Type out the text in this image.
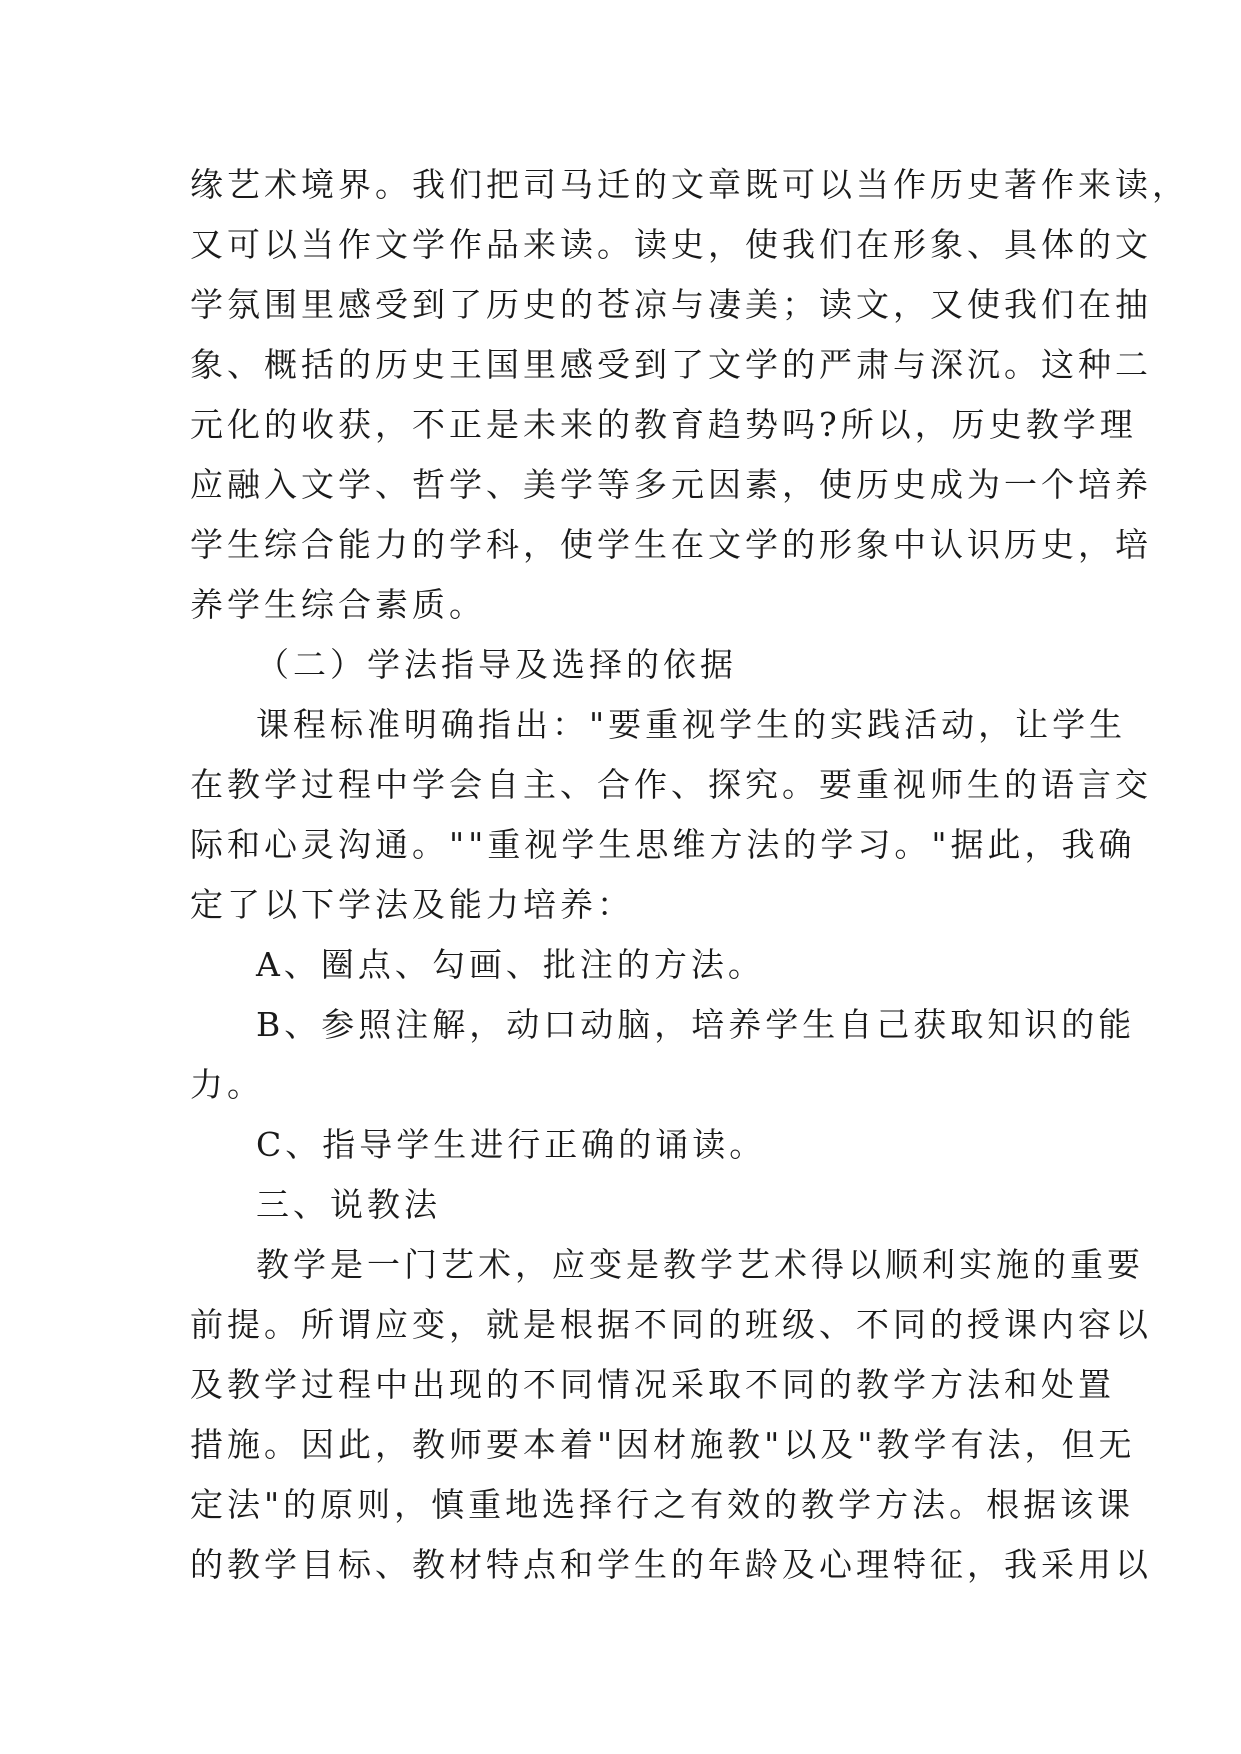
缘艺术境界。我们把司马迁的文章既可以当作历史著作来读，
又可以当作文学作品来读。读史，使我们在形象、具体的文
学氛围里感受到了历史的苍凉与凄美；读文，又使我们在抽
象、概括的历史王国里感受到了文学的严肃与深沉。这种二
元化的收获，不正是未来的教育趋势吗?所以，历史教学理
应融入文学、哲学、美学等多元因素，使历史成为一个培养
学生综合能力的学科，使学生在文学的形象中认识历史，培
养学生综合素质。
（二）学法指导及选择的依据
课程标准明确指出："要重视学生的实践活动，让学生
在教学过程中学会自主、合作、探究。要重视师生的语言交
际和心灵沟通。""重视学生思维方法的学习。"据此，我确
定了以下学法及能力培养：
A、圈点、勾画、批注的方法。
B、参照注解，动口动脑，培养学生自己获取知识的能
力。
C、指导学生进行正确的诵读。
三、说教法
教学是一门艺术，应变是教学艺术得以顺利实施的重要
前提。所谓应变，就是根据不同的班级、不同的授课内容以
及教学过程中出现的不同情况采取不同的教学方法和处置
措施。因此，教师要本着"因材施教"以及"教学有法，但无
定法"的原则，慎重地选择行之有效的教学方法。根据该课
的教学目标、教材特点和学生的年龄及心理特征，我采用以
